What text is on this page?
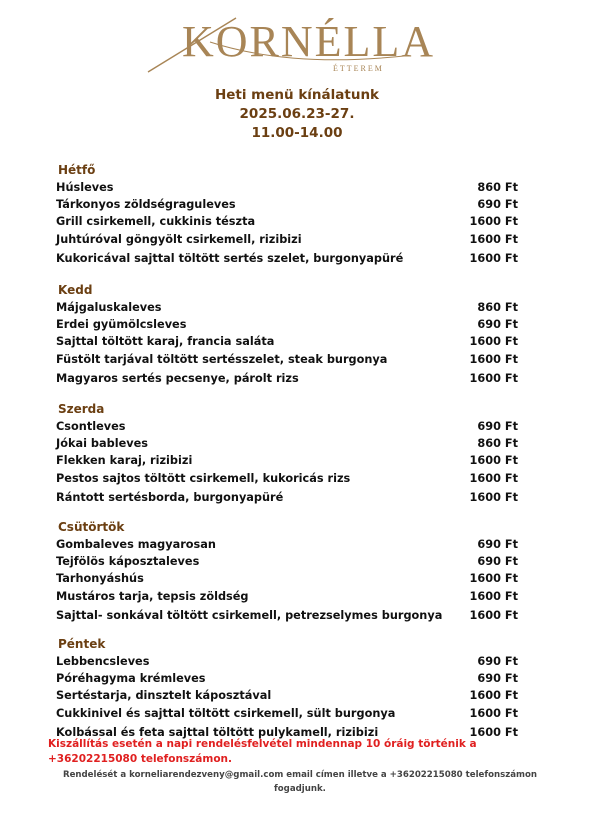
KORNÉLLA
ÉTTEREM
Heti menü kínálatunk
2025.06.23-27.
11.00-14.00
Hétfő
Húsleves	860 Ft
Tárkonyos zöldségraguleves	690 Ft
Grill csirkemell, cukkinis tészta	1600 Ft
Juhtúróval göngyölt csirkemell, rizibizi	1600 Ft
Kukoricával sajttal töltött sertés szelet, burgonyapüré	1600 Ft
Kedd
Májgaluskaleves	860 Ft
Erdei gyümölcsleves	690 Ft
Sajttal töltött karaj, francia saláta	1600 Ft
Füstölt tarjával töltött sertésszelet, steak burgonya	1600 Ft
Magyaros sertés pecsenye, párolt rizs	1600 Ft
Szerda
Csontleves	690 Ft
Jókai bableves	860 Ft
Flekken karaj, rizibizi	1600 Ft
Pestos sajtos töltött csirkemell, kukoricás rizs	1600 Ft
Rántott sertésborda, burgonyapüré	1600 Ft
Csütörtök
Gombaleves magyarosan	690 Ft
Tejfölös káposztaleves	690 Ft
Tarhonyáshús	1600 Ft
Mustáros tarja, tepsis zöldség	1600 Ft
Sajttal- sonkával töltött csirkemell, petrezselymes burgonya 1600 Ft
Péntek
Lebbencsleves	690 Ft
Póréhagyma krémleves	690 Ft
Sertéstarja, dinsztelt káposztával	1600 Ft
Cukkinivel és sajttal töltött csirkemell, sült burgonya	1600 Ft
Kolbással és feta sajttal töltött pulykamell, rizibizi	1600 Ft
Kiszállítás esetén a napi rendelésfelvétel mindennap 10 óráig történik a +36202215080 telefonszámon.
Rendelését a korneliarendezveny@gmail.com email címen illetve a +36202215080 telefonszámon fogadjunk.
